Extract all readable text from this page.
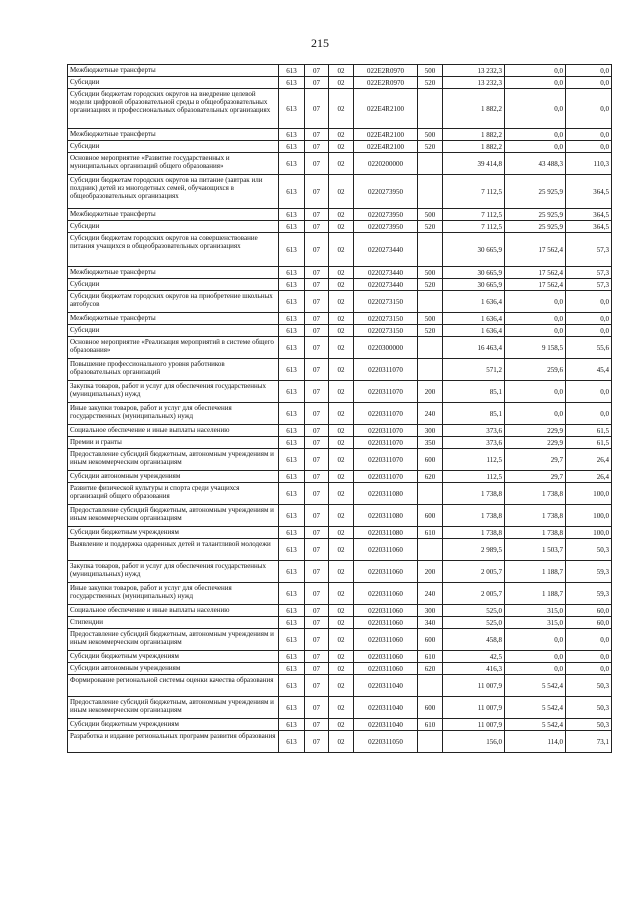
215
Межбюджетные трансферты	613	07	02	022E2R0970	500	13 232,3	0,0	0,0
Субсидии	613	07	02	022E2R0970	520	13 232,3	0,0	0,0
Субсидии бюджетам городских округов на внедрение целевой модели цифровой образовательной среды в общеобразовательных организациях и профессиональных образовательных организациях	613	07	02	022E4R2100		1 882,2	0,0	0,0
Межбюджетные трансферты	613	07	02	022E4R2100	500	1 882,2	0,0	0,0
Субсидии	613	07	02	022E4R2100	520	1 882,2	0,0	0,0
Основное мероприятие «Развитие государственных и муниципальных организаций общего образования»	613	07	02	0220200000		39 414,8	43 488,3	110,3
Субсидии бюджетам городских округов на питание (завтрак или полдник) детей из многодетных семей, обучающихся в общеобразовательных организациях	613	07	02	0220273950		7 112,5	25 925,9	364,5
Межбюджетные трансферты	613	07	02	0220273950	500	7 112,5	25 925,9	364,5
Субсидии	613	07	02	0220273950	520	7 112,5	25 925,9	364,5
Субсидии бюджетам городских округов на совершенствование питания учащихся в общеобразовательных организациях	613	07	02	0220273440		30 665,9	17 562,4	57,3
Межбюджетные трансферты	613	07	02	0220273440	500	30 665,9	17 562,4	57,3
Субсидии	613	07	02	0220273440	520	30 665,9	17 562,4	57,3
Субсидии бюджетам городских округов на приобретение школьных автобусов	613	07	02	0220273150		1 636,4	0,0	0,0
Межбюджетные трансферты	613	07	02	0220273150	500	1 636,4	0,0	0,0
Субсидии	613	07	02	0220273150	520	1 636,4	0,0	0,0
Основное мероприятие «Реализация мероприятий в системе общего образования»	613	07	02	0220300000		16 463,4	9 158,5	55,6
Повышение профессионального уровня работников образовательных организаций	613	07	02	0220311070		571,2	259,6	45,4
Закупка товаров, работ и услуг для обеспечения государственных (муниципальных) нужд	613	07	02	0220311070	200	85,1	0,0	0,0
Иные закупки товаров, работ и услуг для обеспечения государственных (муниципальных) нужд	613	07	02	0220311070	240	85,1	0,0	0,0
Социальное обеспечение и иные выплаты населению	613	07	02	0220311070	300	373,6	229,9	61,5
Премии и гранты	613	07	02	0220311070	350	373,6	229,9	61,5
Предоставление субсидий бюджетным, автономным учреждениям и иным некоммерческим организациям	613	07	02	0220311070	600	112,5	29,7	26,4
Субсидии автономным учреждениям	613	07	02	0220311070	620	112,5	29,7	26,4
Развитие физической культуры и спорта среди учащихся организаций общего образования	613	07	02	0220311080		1 738,8	1 738,8	100,0
Предоставление субсидий бюджетным, автономным учреждениям и иным некоммерческим организациям	613	07	02	0220311080	600	1 738,8	1 738,8	100,0
Субсидии бюджетным учреждениям	613	07	02	0220311080	610	1 738,8	1 738,8	100,0
Выявление и поддержка одаренных детей и талантливой молодежи	613	07	02	0220311060		2 989,5	1 503,7	50,3
Закупка товаров, работ и услуг для обеспечения государственных (муниципальных) нужд	613	07	02	0220311060	200	2 005,7	1 188,7	59,3
Иные закупки товаров, работ и услуг для обеспечения государственных (муниципальных) нужд	613	07	02	0220311060	240	2 005,7	1 188,7	59,3
Социальное обеспечение и иные выплаты населению	613	07	02	0220311060	300	525,0	315,0	60,0
Стипендии	613	07	02	0220311060	340	525,0	315,0	60,0
Предоставление субсидий бюджетным, автономным учреждениям и иным некоммерческим организациям	613	07	02	0220311060	600	458,8	0,0	0,0
Субсидии бюджетным учреждениям	613	07	02	0220311060	610	42,5	0,0	0,0
Субсидии автономным учреждениям	613	07	02	0220311060	620	416,3	0,0	0,0
Формирование региональной системы оценки качества образования	613	07	02	0220311040		11 007,9	5 542,4	50,3
Предоставление субсидий бюджетным, автономным учреждениям и иным некоммерческим организациям	613	07	02	0220311040	600	11 007,9	5 542,4	50,3
Субсидии бюджетным учреждениям	613	07	02	0220311040	610	11 007,9	5 542,4	50,3
Разработка и издание региональных программ развития образования	613	07	02	0220311050		156,0	114,0	73,1
